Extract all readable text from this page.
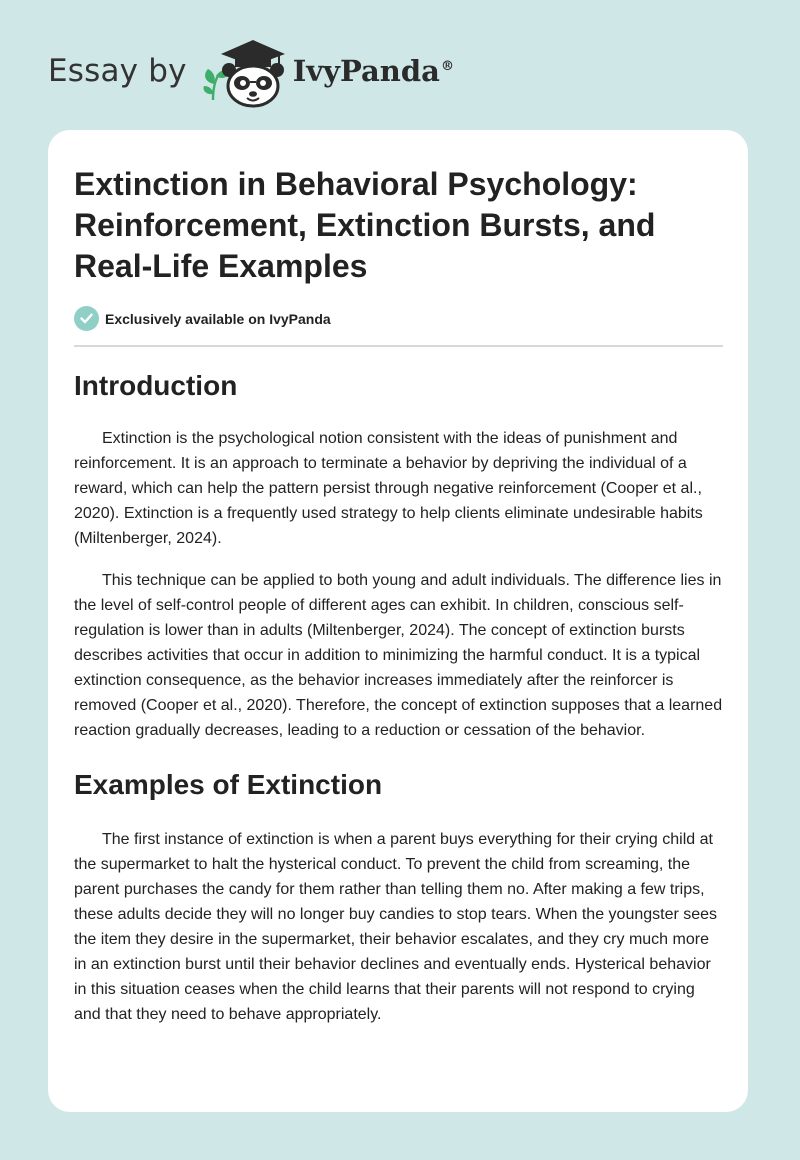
Essay by	IvyPanda®
Extinction in Behavioral Psychology: Reinforcement, Extinction Bursts, and Real-Life Examples
Exclusively available on IvyPanda
Introduction

Extinction is the psychological notion consistent with the ideas of punishment and reinforcement. It is an approach to terminate a behavior by depriving the individual of a reward, which can help the pattern persist through negative reinforcement (Cooper et al., 2020). Extinction is a frequently used strategy to help clients eliminate undesirable habits (Miltenberger, 2024).

This technique can be applied to both young and adult individuals. The difference lies in the level of self-control people of different ages can exhibit. In children, conscious self-regulation is lower than in adults (Miltenberger, 2024). The concept of extinction bursts describes activities that occur in addition to minimizing the harmful conduct. It is a typical extinction consequence, as the behavior increases immediately after the reinforcer is removed (Cooper et al., 2020). Therefore, the concept of extinction supposes that a learned reaction gradually decreases, leading to a reduction or cessation of the behavior.

Examples of Extinction

The first instance of extinction is when a parent buys everything for their crying child at the supermarket to halt the hysterical conduct. To prevent the child from screaming, the parent purchases the candy for them rather than telling them no. After making a few trips, these adults decide they will no longer buy candies to stop tears. When the youngster sees the item they desire in the supermarket, their behavior escalates, and they cry much more in an extinction burst until their behavior declines and eventually ends. Hysterical behavior in this situation ceases when the child learns that their parents will not respond to crying and that they need to behave appropriately.
